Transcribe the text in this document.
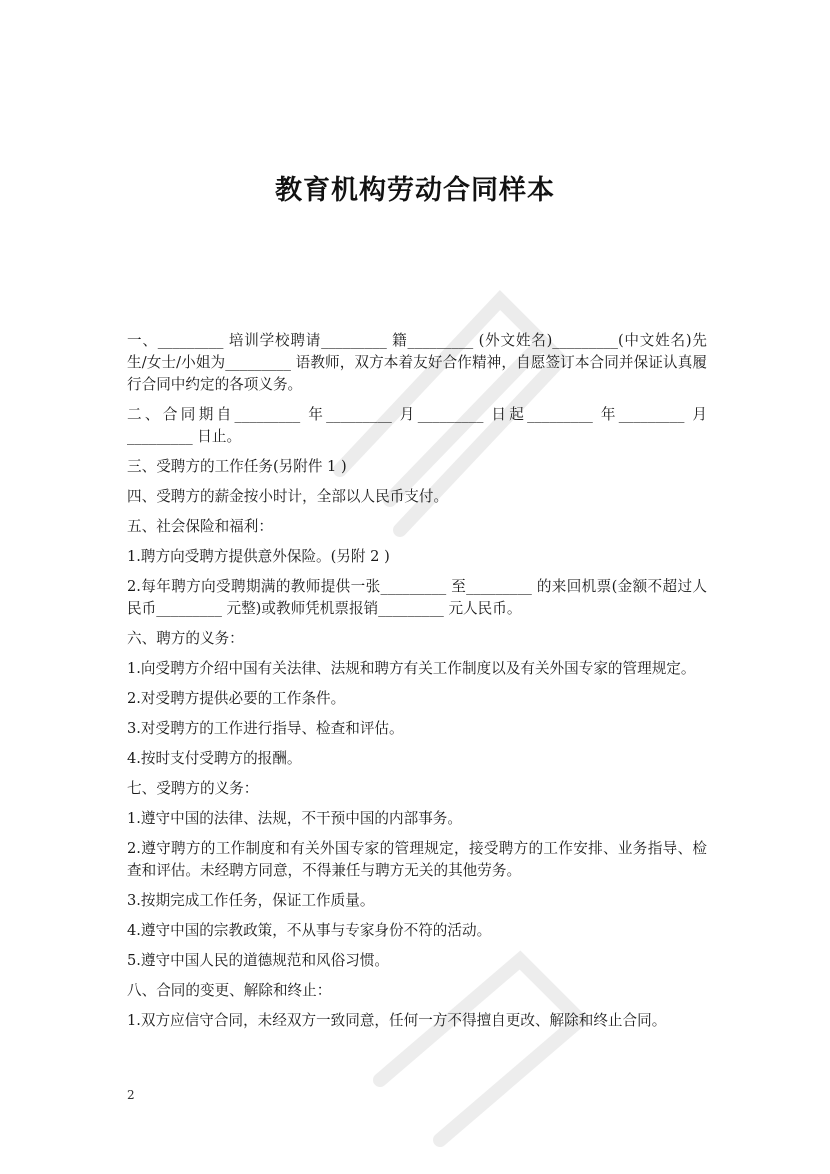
教育机构劳动合同样本

一、_________ 培训学校聘请_________ 籍_________ (外文姓名)_________(中文姓名)先生/女士/小姐为_________ 语教师，双方本着友好合作精神，自愿签订本合同并保证认真履行合同中约定的各项义务。

二、合同期自_________ 年_________ 月_________ 日起_________ 年_________ 月_________ 日止。

三、受聘方的工作任务(另附件 1 )

四、受聘方的薪金按小时计，全部以人民币支付。

五、社会保险和福利：

1.聘方向受聘方提供意外保险。(另附 2 )

2.每年聘方向受聘期满的教师提供一张_________ 至_________ 的来回机票(金额不超过人民币_________ 元整)或教师凭机票报销_________ 元人民币。

六、聘方的义务：

1.向受聘方介绍中国有关法律、法规和聘方有关工作制度以及有关外国专家的管理规定。

2.对受聘方提供必要的工作条件。

3.对受聘方的工作进行指导、检查和评估。

4.按时支付受聘方的报酬。

七、受聘方的义务：

1.遵守中国的法律、法规，不干预中国的内部事务。

2.遵守聘方的工作制度和有关外国专家的管理规定，接受聘方的工作安排、业务指导、检查和评估。未经聘方同意，不得兼任与聘方无关的其他劳务。

3.按期完成工作任务，保证工作质量。

4.遵守中国的宗教政策，不从事与专家身份不符的活动。

5.遵守中国人民的道德规范和风俗习惯。

八、合同的变更、解除和终止：

1.双方应信守合同，未经双方一致同意，任何一方不得擅自更改、解除和终止合同。

2
